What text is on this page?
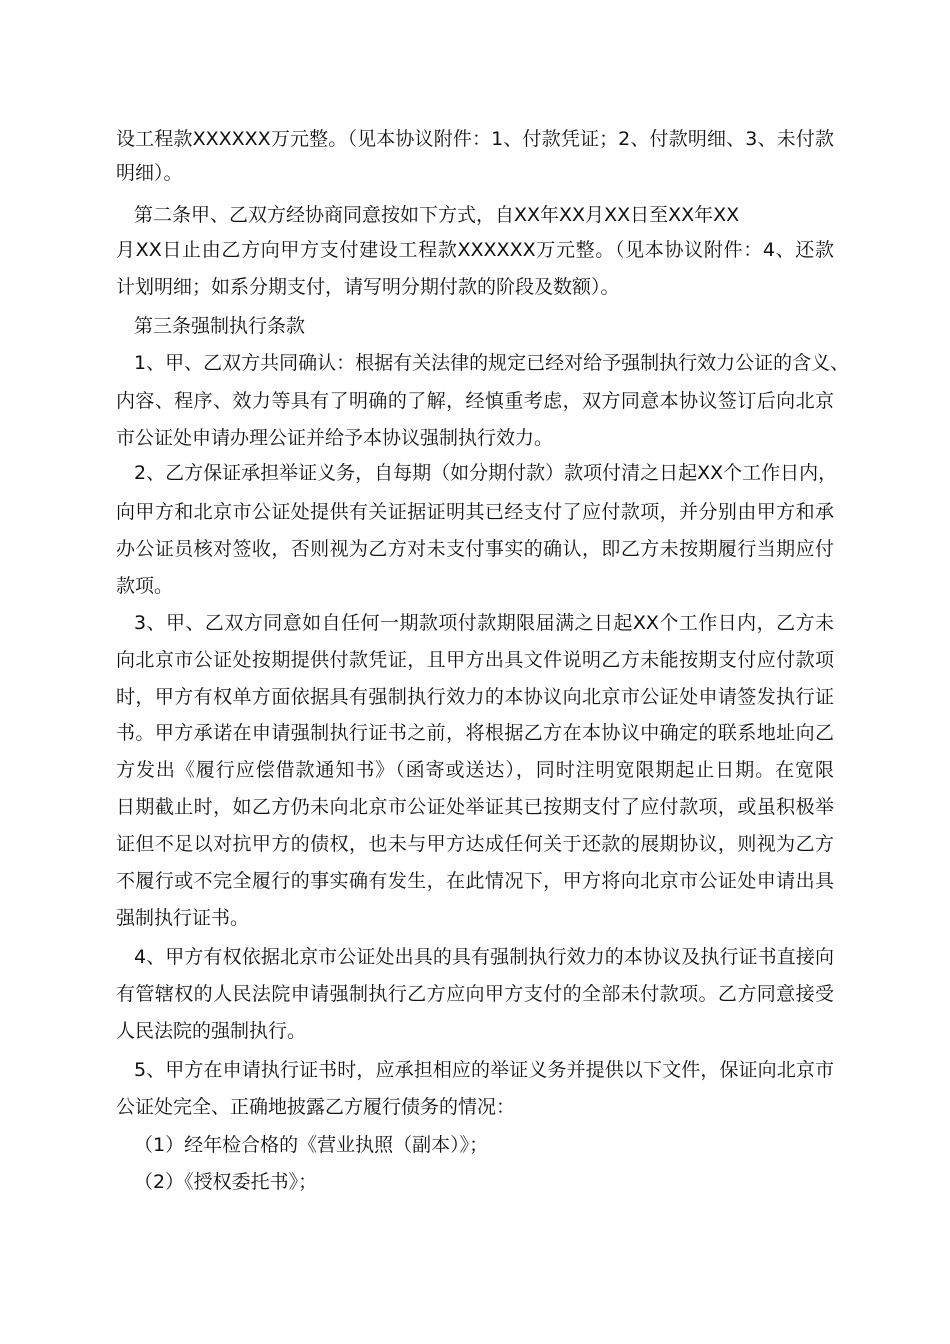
设工程款XXXXXX万元整。（见本协议附件：1、付款凭证；2、付款明细、3、未付款
明细）。
第二条甲、乙双方经协商同意按如下方式，自XX年XX月XX日至XX年XX
月XX日止由乙方向甲方支付建设工程款XXXXXX万元整。（见本协议附件：4、还款
计划明细；如系分期支付，请写明分期付款的阶段及数额）。
第三条强制执行条款
1、甲、乙双方共同确认：根据有关法律的规定已经对给予强制执行效力公证的含义、
内容、程序、效力等具有了明确的了解，经慎重考虑，双方同意本协议签订后向北京
市公证处申请办理公证并给予本协议强制执行效力。
2、乙方保证承担举证义务，自每期（如分期付款）款项付清之日起XX个工作日内，
向甲方和北京市公证处提供有关证据证明其已经支付了应付款项，并分别由甲方和承
办公证员核对签收，否则视为乙方对未支付事实的确认，即乙方未按期履行当期应付
款项。
3、甲、乙双方同意如自任何一期款项付款期限届满之日起XX个工作日内，乙方未
向北京市公证处按期提供付款凭证，且甲方出具文件说明乙方未能按期支付应付款项
时，甲方有权单方面依据具有强制执行效力的本协议向北京市公证处申请签发执行证
书。甲方承诺在申请强制执行证书之前，将根据乙方在本协议中确定的联系地址向乙
方发出《履行应偿借款通知书》（函寄或送达），同时注明宽限期起止日期。在宽限
日期截止时，如乙方仍未向北京市公证处举证其已按期支付了应付款项，或虽积极举
证但不足以对抗甲方的债权，也未与甲方达成任何关于还款的展期协议，则视为乙方
不履行或不完全履行的事实确有发生，在此情况下，甲方将向北京市公证处申请出具
强制执行证书。
4、甲方有权依据北京市公证处出具的具有强制执行效力的本协议及执行证书直接向
有管辖权的人民法院申请强制执行乙方应向甲方支付的全部未付款项。乙方同意接受
人民法院的强制执行。
5、甲方在申请执行证书时，应承担相应的举证义务并提供以下文件，保证向北京市
公证处完全、正确地披露乙方履行债务的情况：
（1）经年检合格的《营业执照（副本）》；
（2）《授权委托书》；
